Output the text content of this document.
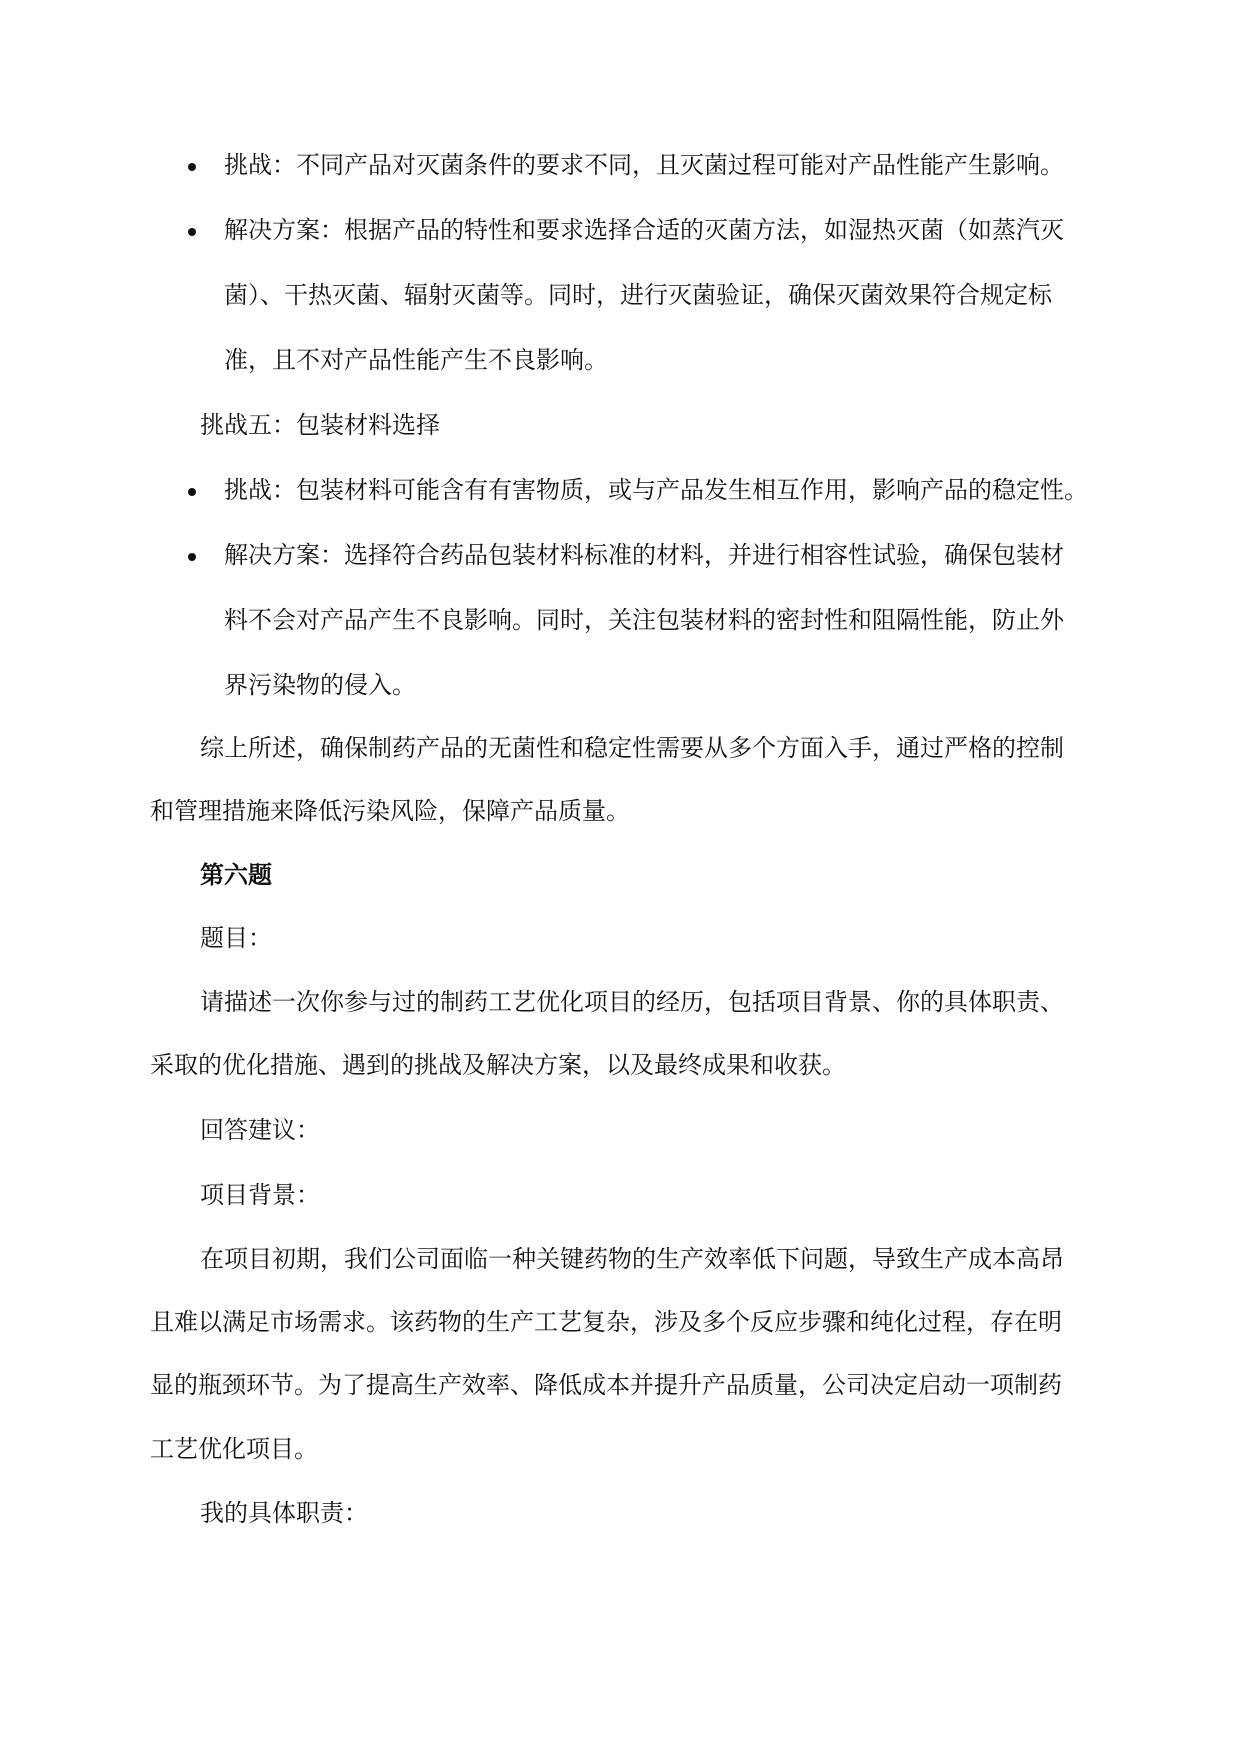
挑战：不同产品对灭菌条件的要求不同，且灭菌过程可能对产品性能产生影响。
解决方案：根据产品的特性和要求选择合适的灭菌方法，如湿热灭菌（如蒸汽灭
菌）、干热灭菌、辐射灭菌等。同时，进行灭菌验证，确保灭菌效果符合规定标
准，且不对产品性能产生不良影响。
挑战五：包装材料选择
挑战：包装材料可能含有有害物质，或与产品发生相互作用，影响产品的稳定性。
解决方案：选择符合药品包装材料标准的材料，并进行相容性试验，确保包装材
料不会对产品产生不良影响。同时，关注包装材料的密封性和阻隔性能，防止外
界污染物的侵入。
综上所述，确保制药产品的无菌性和稳定性需要从多个方面入手，通过严格的控制
和管理措施来降低污染风险，保障产品质量。
第六题
题目：
请描述一次你参与过的制药工艺优化项目的经历，包括项目背景、你的具体职责、
采取的优化措施、遇到的挑战及解决方案，以及最终成果和收获。
回答建议：
项目背景：
在项目初期，我们公司面临一种关键药物的生产效率低下问题，导致生产成本高昂
且难以满足市场需求。该药物的生产工艺复杂，涉及多个反应步骤和纯化过程，存在明
显的瓶颈环节。为了提高生产效率、降低成本并提升产品质量，公司决定启动一项制药
工艺优化项目。
我的具体职责：
